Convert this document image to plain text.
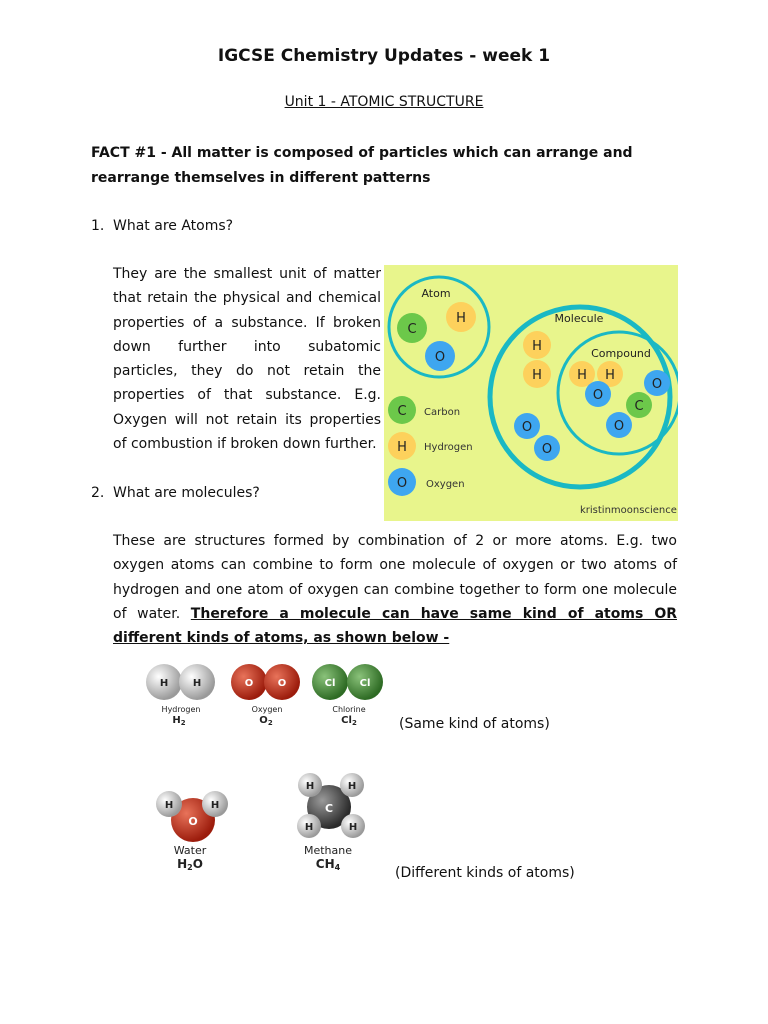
IGCSE Chemistry Updates - week 1
Unit 1 - ATOMIC STRUCTURE
FACT #1 - All matter is composed of particles which can arrange and rearrange themselves in different patterns
1. What are Atoms?
They are the smallest unit of matter that retain the physical and chemical properties of a substance. If broken down further into subatomic particles, they do not retain the properties of that substance. E.g. Oxygen will not retain its properties of combustion if broken down further.
Atom
C
H
O
Molecule
H
H
O
O
Compound
H H
O
O
C
O
C Carbon
H Hydrogen
O Oxygen
kristinmoonscience
2. What are molecules?
These are structures formed by combination of 2 or more atoms. E.g. two oxygen atoms can combine to form one molecule of oxygen or two atoms of hydrogen and one atom of oxygen can combine together to form one molecule of water. Therefore a molecule can have same kind of atoms OR different kinds of atoms, as shown below -
H H
Hydrogen
$H_2$
O O
Oxygen
$O_2$
Cl Cl
Chlorine
$Cl_2$	(Same kind of atoms)
O
H	H
Water
H2O
C
H	H
H	H
Methane
CH4	(Different kinds of atoms)
